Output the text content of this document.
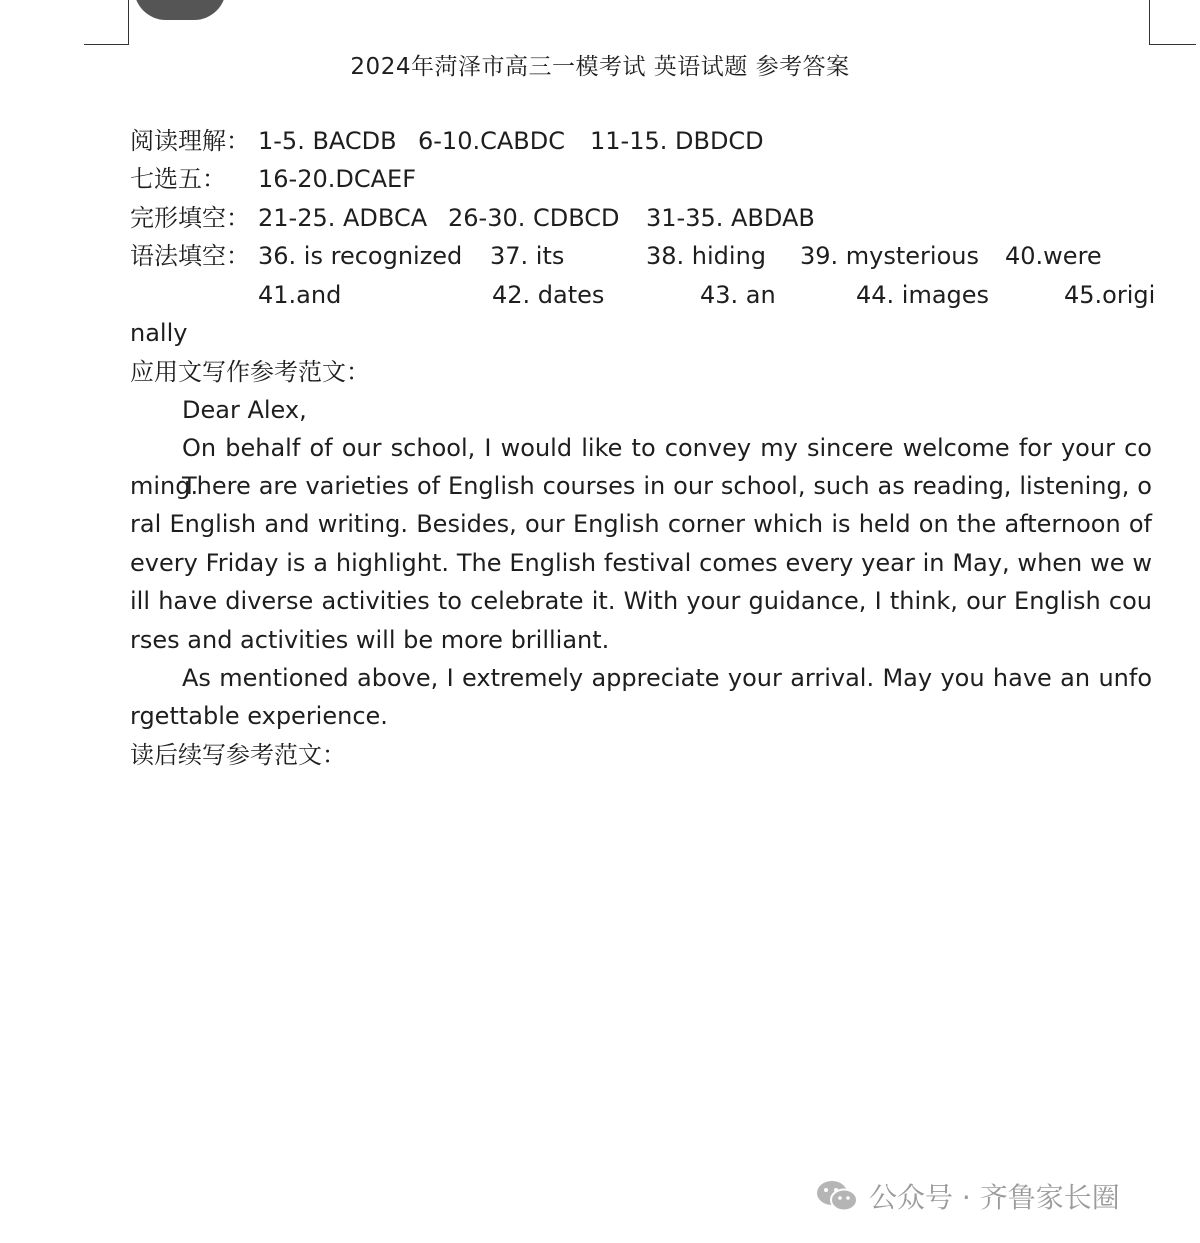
2024年菏泽市高三一模考试 英语试题 参考答案
阅读理解： 1-5. BACDB 6-10.CABDC 11-15. DBDCD
七选五：	16-20.DCAEF
完形填空： 21-25. ADBCA 26-30. CDBCD 31-35. ABDAB
语法填空： 36. is recognized 37. its	38. hiding 39. mysterious 40.were
41.and	42. dates	43. an	44. images	45.origi
nally
应用文写作参考范文：
Dear Alex,
On behalf of our school, I would like to convey my sincere welcome for your coming.
There are varieties of English courses in our school, such as reading, listening, oral English and writing. Besides, our English corner which is held on the afternoon of every Friday is a highlight. The English festival comes every year in May, when we will have diverse activities to celebrate it. With your guidance, I think, our English courses and activities will be more brilliant.
As mentioned above, I extremely appreciate your arrival. May you have an unforgettable experience.
读后续写参考范文：
公众号 · 齐鲁家长圈
